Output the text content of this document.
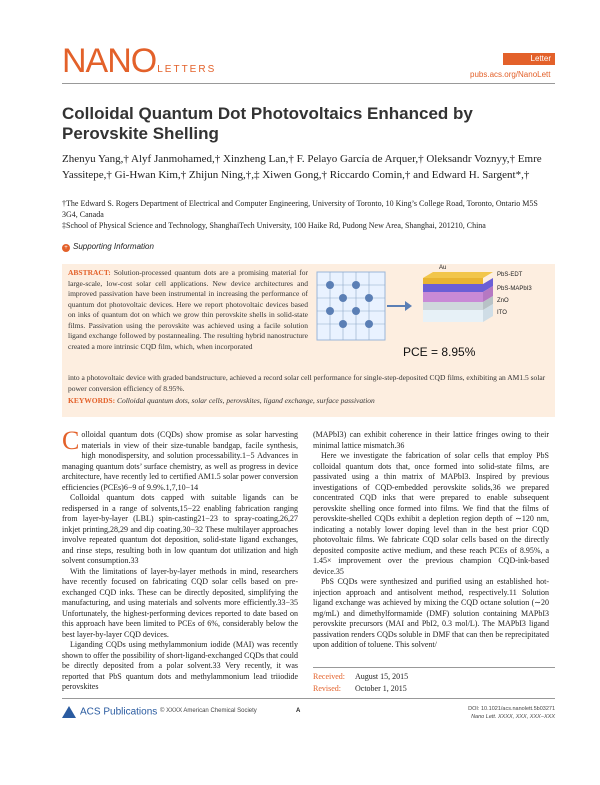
NANOLETTERS
Letter
pubs.acs.org/NanoLett
Colloidal Quantum Dot Photovoltaics Enhanced by Perovskite Shelling
Zhenyu Yang,† Alyf Janmohamed,† Xinzheng Lan,† F. Pelayo García de Arquer,† Oleksandr Voznyy,† Emre Yassitepe,† Gi-Hwan Kim,† Zhijun Ning,†,‡ Xiwen Gong,† Riccardo Comin,† and Edward H. Sargent*,†
†The Edward S. Rogers Department of Electrical and Computer Engineering, University of Toronto, 10 King’s College Road, Toronto, Ontario M5S 3G4, Canada
‡School of Physical Science and Technology, ShanghaiTech University, 100 Haike Rd, Pudong New Area, Shanghai, 201210, China
+ Supporting Information
ABSTRACT: Solution-processed quantum dots are a promising material for large-scale, low-cost solar cell applications. New device architectures and improved passivation have been instrumental in increasing the performance of quantum dot photovoltaic devices. Here we report photovoltaic devices based on inks of quantum dot on which we grow thin perovskite shells in solid-state films. Passivation using the perovskite was achieved using a facile solution ligand exchange followed by postannealing. The resulting hybrid nanostructure created a more intrinsic CQD film, which, when incorporated
into a photovoltaic device with graded bandstructure, achieved a record solar cell performance for single-step-deposited CQD films, exhibiting an AM1.5 solar power conversion efficiency of 8.95%.
KEYWORDS: Colloidal quantum dots, solar cells, perovskites, ligand exchange, surface passivation
Au
PbS-EDT
PbS-MAPbI3
ZnO
ITO
PCE = 8.95%

Colloidal quantum dots (CQDs) show promise as solar harvesting materials in view of their size-tunable bandgap, facile synthesis, high monodispersity, and solution processability.1−5 Advances in managing quantum dots’ surface chemistry, as well as progress in device architecture, have recently led to certified AM1.5 solar power conversion efficiencies (PCEs)6−9 of 9.9%.1,7,10−14

Colloidal quantum dots capped with suitable ligands can be redispersed in a range of solvents,15−22 enabling fabrication ranging from layer-by-layer (LBL) spin-casting21−23 to spray-coating,26,27 inkjet printing,28,29 and dip coating.30−32 These multilayer approaches involve repeated quantum dot deposition, solid-state ligand exchanges, and rinse steps, resulting both in low quantum dot utilization and high solvent consumption.33

With the limitations of layer-by-layer methods in mind, researchers have recently focused on fabricating CQD solar cells based on pre-exchanged CQD inks. These can be directly deposited, simplifying the manufacturing, and using materials and solvents more efficiently.33−35 Unfortunately, the highest-performing devices reported to date based on this approach have been limited to PCEs of 6%, considerably below the best layer-by-layer CQD devices.

Liganding CQDs using methylammonium iodide (MAI) was recently shown to offer the possibility of short-ligand-exchanged CQDs that could be directly deposited from a polar solvent.33 Very recently, it was reported that PbS quantum dots and methylammonium lead triiodide perovskites

(MAPbI3) can exhibit coherence in their lattice fringes owing to their minimal lattice mismatch.36

Here we investigate the fabrication of solar cells that employ PbS colloidal quantum dots that, once formed into solid-state films, are passivated using a thin matrix of MAPbI3. Inspired by previous investigations of CQD-embedded perovskite solids,36 we prepared concentrated CQD inks that were prepared to enable subsequent perovskite shelling once formed into films. We find that the films of perovskite-shelled CQDs exhibit a depletion region depth of ∼120 nm, indicating a notably lower doping level than in the best prior CQD photovoltaic films. We fabricate CQD solar cells based on the directly deposited composite active medium, and these reach PCEs of 8.95%, a 1.45× improvement over the previous champion CQD-ink-based device.35

PbS CQDs were synthesized and purified using an established hot-injection approach and antisolvent method, respectively.11 Solution ligand exchange was achieved by mixing the CQD octane solution (∼20 mg/mL) and dimethylformamide (DMF) solution containing MAPbI3 perovskite precursors (MAI and PbI2, 0.3 mol/L). The MAPbI3 ligand passivation renders CQDs soluble in DMF that can then be reprecipitated upon addition of toluene. This solvent/

Received: August 15, 2015
Revised: October 1, 2015
ACS Publications © XXXX American Chemical Society	A	DOI: 10.1021/acs.nanolett.5b03271
Nano Lett. XXXX, XXX, XXX−XXX
